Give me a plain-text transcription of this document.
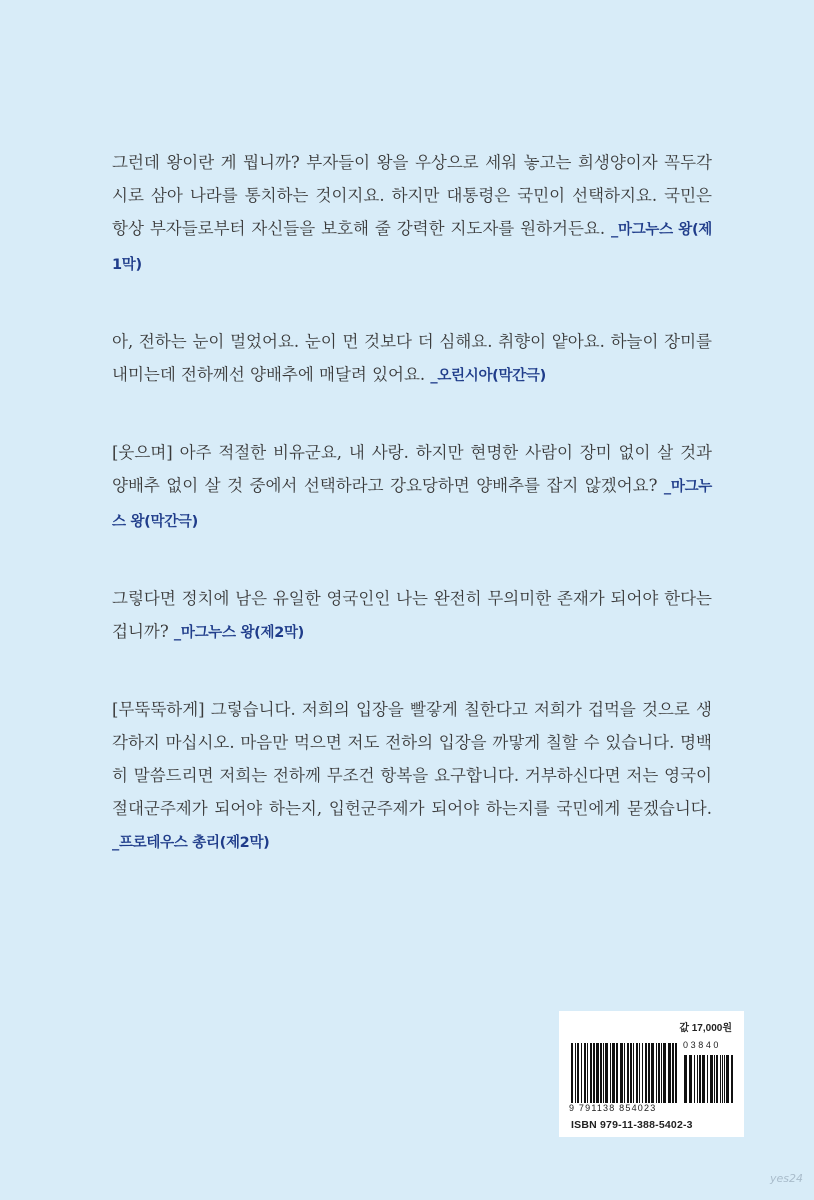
그런데 왕이란 게 뭡니까? 부자들이 왕을 우상으로 세워 놓고는 희생양이자 꼭두각시로 삼아 나라를 통치하는 것이지요. 하지만 대통령은 국민이 선택하지요. 국민은 항상 부자들로부터 자신들을 보호해 줄 강력한 지도자를 원하거든요. _마그누스 왕(제1막)

아, 전하는 눈이 멀었어요. 눈이 먼 것보다 더 심해요. 취향이 얕아요. 하늘이 장미를 내미는데 전하께선 양배추에 매달려 있어요. _오린시아(막간극)

[웃으며] 아주 적절한 비유군요, 내 사랑. 하지만 현명한 사람이 장미 없이 살 것과 양배추 없이 살 것 중에서 선택하라고 강요당하면 양배추를 잡지 않겠어요? _마그누스 왕(막간극)

그렇다면 정치에 남은 유일한 영국인인 나는 완전히 무의미한 존재가 되어야 한다는 겁니까? _마그누스 왕(제2막)

[무뚝뚝하게] 그렇습니다. 저희의 입장을 빨갛게 칠한다고 저희가 겁먹을 것으로 생각하지 마십시오. 마음만 먹으면 저도 전하의 입장을 까맣게 칠할 수 있습니다. 명백히 말씀드리면 저희는 전하께 무조건 항복을 요구합니다. 거부하신다면 저는 영국이 절대군주제가 되어야 하는지, 입헌군주제가 되어야 하는지를 국민에게 묻겠습니다. _프로테우스 총리(제2막)

값 17,000원
03840
9 791138 854023
ISBN 979-11-388-5402-3
yes24
